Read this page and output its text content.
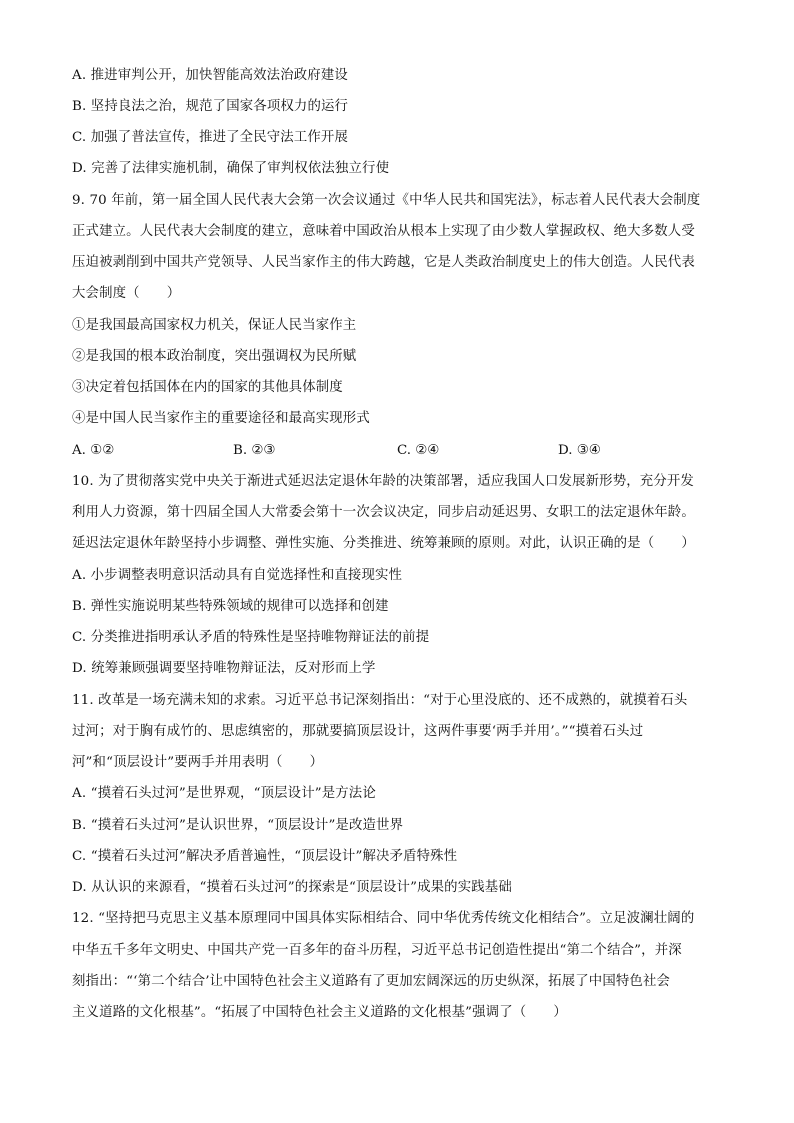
A. 推进审判公开，加快智能高效法治政府建设
B. 坚持良法之治，规范了国家各项权力的运行
C. 加强了普法宣传，推进了全民守法工作开展
D. 完善了法律实施机制，确保了审判权依法独立行使
9. 70 年前，第一届全国人民代表大会第一次会议通过《中华人民共和国宪法》，标志着人民代表大会制度
正式建立。人民代表大会制度的建立，意味着中国政治从根本上实现了由少数人掌握政权、绝大多数人受
压迫被剥削到中国共产党领导、人民当家作主的伟大跨越，它是人类政治制度史上的伟大创造。人民代表
大会制度（　　）
①是我国最高国家权力机关，保证人民当家作主
②是我国的根本政治制度，突出强调权为民所赋
③决定着包括国体在内的国家的其他具体制度
④是中国人民当家作主的重要途径和最高实现形式
A. ①②	B. ②③	C. ②④	D. ③④
10. 为了贯彻落实党中央关于渐进式延迟法定退休年龄的决策部署，适应我国人口发展新形势，充分开发
利用人力资源，第十四届全国人大常委会第十一次会议决定，同步启动延迟男、女职工的法定退休年龄。
延迟法定退休年龄坚持小步调整、弹性实施、分类推进、统筹兼顾的原则。对此，认识正确的是（　　）
A. 小步调整表明意识活动具有自觉选择性和直接现实性
B. 弹性实施说明某些特殊领域的规律可以选择和创建
C. 分类推进指明承认矛盾的特殊性是坚持唯物辩证法的前提
D. 统筹兼顾强调要坚持唯物辩证法，反对形而上学
11. 改革是一场充满未知的求索。习近平总书记深刻指出：“对于心里没底的、还不成熟的，就摸着石头
过河；对于胸有成竹的、思虑缜密的，那就要搞顶层设计，这两件事要‘两手并用’。”“摸着石头过
河”和“顶层设计”要两手并用表明（　　）
A. “摸着石头过河”是世界观，“顶层设计”是方法论
B. “摸着石头过河”是认识世界，“顶层设计”是改造世界
C. “摸着石头过河”解决矛盾普遍性，“顶层设计”解决矛盾特殊性
D. 从认识的来源看，“摸着石头过河”的探索是“顶层设计”成果的实践基础
12. “坚持把马克思主义基本原理同中国具体实际相结合、同中华优秀传统文化相结合”。立足波澜壮阔的
中华五千多年文明史、中国共产党一百多年的奋斗历程，习近平总书记创造性提出“第二个结合”，并深
刻指出：“‘第二个结合’让中国特色社会主义道路有了更加宏阔深远的历史纵深，拓展了中国特色社会
主义道路的文化根基”。“拓展了中国特色社会主义道路的文化根基”强调了（　　）
